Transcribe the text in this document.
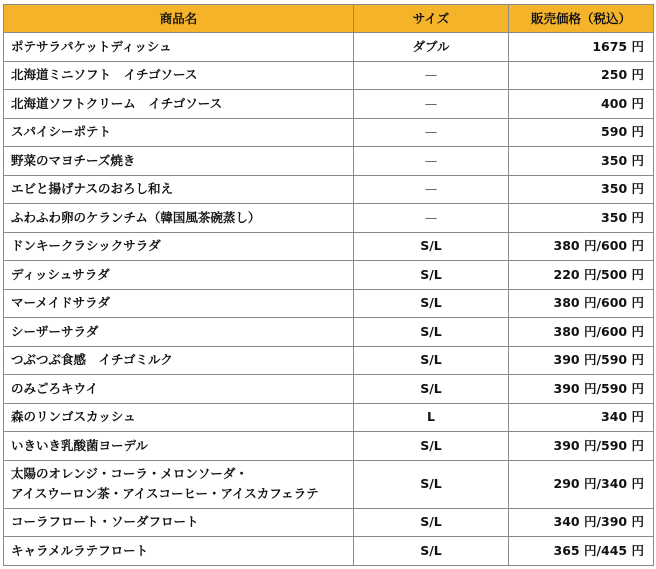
商品名	サイズ	販売価格（税込）
ポテサラパケットディッシュ	ダブル	1675 円
北海道ミニソフト　イチゴソース	—	250 円
北海道ソフトクリーム　イチゴソース	—	400 円
スパイシーポテト	—	590 円
野菜のマヨチーズ焼き	—	350 円
エビと揚げナスのおろし和え	—	350 円
ふわふわ卵のケランチム（韓国風茶碗蒸し）	—	350 円
ドンキークラシックサラダ	S/L	380 円/600 円
ディッシュサラダ	S/L	220 円/500 円
マーメイドサラダ	S/L	380 円/600 円
シーザーサラダ	S/L	380 円/600 円
つぶつぶ食感　イチゴミルク	S/L	390 円/590 円
のみごろキウイ	S/L	390 円/590 円
森のリンゴスカッシュ	L	340 円
いきいき乳酸菌ヨーデル	S/L	390 円/590 円

太陽のオレンジ・コーラ・メロンソーダ・
アイスウーロン茶・アイスコーヒー・アイスカフェラテ	S/L	290 円/340 円
コーラフロート・ソーダフロート	S/L	340 円/390 円
キャラメルラテフロート	S/L	365 円/445 円
